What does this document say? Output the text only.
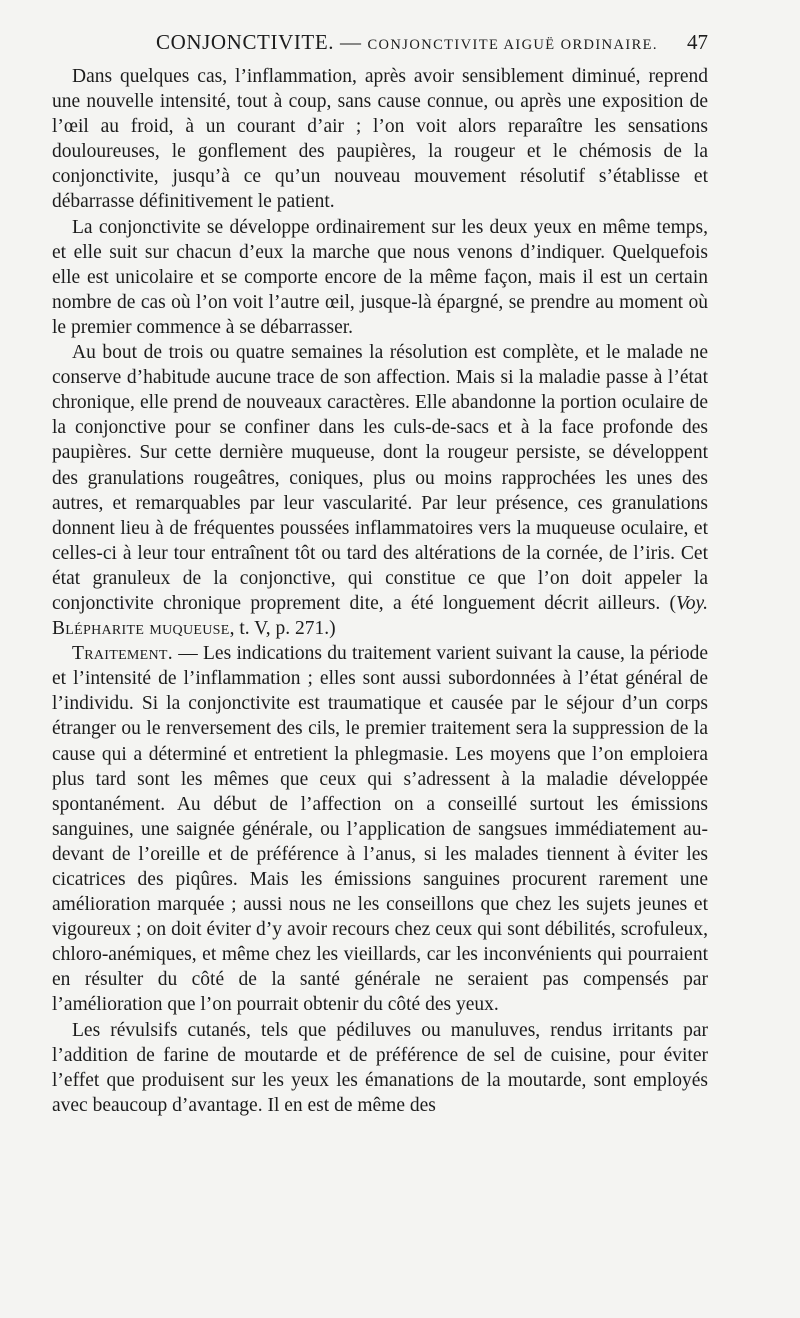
CONJONCTIVITE. — CONJONCTIVITE AIGUË ORDINAIRE. 47

Dans quelques cas, l’inflammation, après avoir sensiblement diminué, reprend une nouvelle intensité, tout à coup, sans cause connue, ou après une exposition de l’œil au froid, à un courant d’air ; l’on voit alors reparaître les sensations douloureuses, le gonflement des paupières, la rougeur et le chémosis de la conjonctivite, jusqu’à ce qu’un nouveau mouvement résolutif s’établisse et débarrasse définitivement le patient.

La conjonctivite se développe ordinairement sur les deux yeux en même temps, et elle suit sur chacun d’eux la marche que nous venons d’indiquer. Quelquefois elle est unicolaire et se comporte encore de la même façon, mais il est un certain nombre de cas où l’on voit l’autre œil, jusque-là épargné, se prendre au moment où le premier commence à se débarrasser.

Au bout de trois ou quatre semaines la résolution est complète, et le malade ne conserve d’habitude aucune trace de son affection. Mais si la maladie passe à l’état chronique, elle prend de nouveaux caractères. Elle abandonne la portion oculaire de la conjonctive pour se confiner dans les culs-de-sacs et à la face profonde des paupières. Sur cette dernière muqueuse, dont la rougeur persiste, se développent des granulations rougeâtres, coniques, plus ou moins rapprochées les unes des autres, et remarquables par leur vascularité. Par leur présence, ces granulations donnent lieu à de fréquentes poussées inflammatoires vers la muqueuse oculaire, et celles-ci à leur tour entraînent tôt ou tard des altérations de la cornée, de l’iris. Cet état granuleux de la conjonctive, qui constitue ce que l’on doit appeler la conjonctivite chronique proprement dite, a été longuement décrit ailleurs. (Voy. Blépharite muqueuse, t. V, p. 271.)

Traitement. — Les indications du traitement varient suivant la cause, la période et l’intensité de l’inflammation ; elles sont aussi subordonnées à l’état général de l’individu. Si la conjonctivite est traumatique et causée par le séjour d’un corps étranger ou le renversement des cils, le premier traitement sera la suppression de la cause qui a déterminé et entretient la phlegmasie. Les moyens que l’on emploiera plus tard sont les mêmes que ceux qui s’adressent à la maladie développée spontanément. Au début de l’affection on a conseillé surtout les émissions sanguines, une saignée générale, ou l’application de sangsues immédiatement au-devant de l’oreille et de préférence à l’anus, si les malades tiennent à éviter les cicatrices des piqûres. Mais les émissions sanguines procurent rarement une amélioration marquée ; aussi nous ne les conseillons que chez les sujets jeunes et vigoureux ; on doit éviter d’y avoir recours chez ceux qui sont débilités, scrofuleux, chloro-anémiques, et même chez les vieillards, car les inconvénients qui pourraient en résulter du côté de la santé générale ne seraient pas compensés par l’amélioration que l’on pourrait obtenir du côté des yeux.

Les révulsifs cutanés, tels que pédiluves ou manuluves, rendus irritants par l’addition de farine de moutarde et de préférence de sel de cuisine, pour éviter l’effet que produisent sur les yeux les émanations de la moutarde, sont employés avec beaucoup d’avantage. Il en est de même des
